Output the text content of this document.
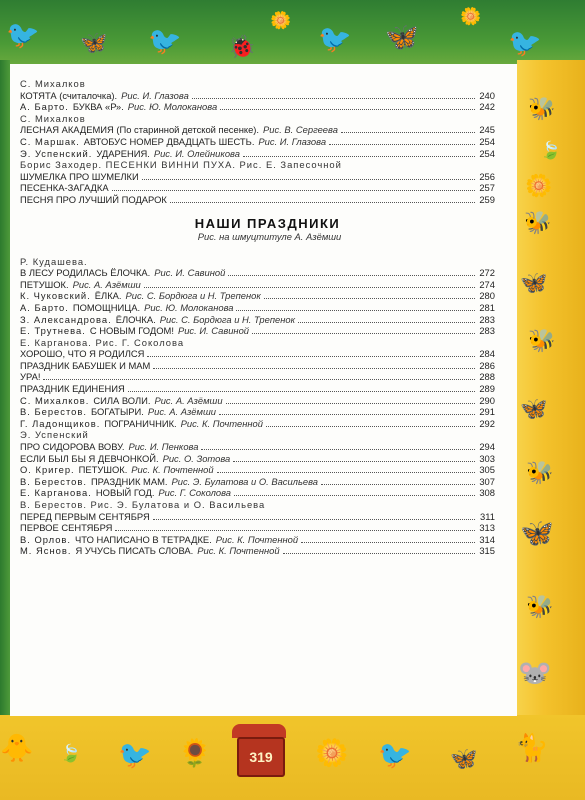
🐦 🦋 🐦 🐞 🐦 🦋
🌼	🌼
🐦
🐝
🍃
🌼
🐝
🦋
🐝
🦋
🐝
🦋
🐝
🐭
🐥 🍃 🐦 🌻	🌼 🐦 🦋 🐈
319
С. Михалков
КОТЯТА (считалочка). Рис. И. Глазова	240
А. Барто. БУКВА «Р». Рис. Ю. Молоканова	242
С. Михалков
ЛЕСНАЯ АКАДЕМИЯ (По старинной детской песенке). Рис. В. Сергеева	245
С. Маршак. АВТОБУС НОМЕР ДВАДЦАТЬ ШЕСТЬ. Рис. И. Глазова	254
Э. Успенский. УДАРЕНИЯ. Рис. И. Олейникова	254
Борис Заходер. ПЕСЕНКИ ВИННИ ПУХА. Рис. Е. Запесочной
ШУМЕЛКА ПРО ШУМЕЛКИ	256
ПЕСЕНКА-ЗАГАДКА	257
ПЕСНЯ ПРО ЛУЧШИЙ ПОДАРОК	259
НАШИ ПРАЗДНИКИ
Рис. на шмуцтитуле А. Азёмши
Р. Кудашева.
В ЛЕСУ РОДИЛАСЬ ЁЛОЧКА. Рис. И. Савиной	272
ПЕТУШОК. Рис. А. Азёмши	274
К. Чуковский. ЁЛКА. Рис. С. Бордюга и Н. Трепенок	280
А. Барто. ПОМОЩНИЦА. Рис. Ю. Молоканова	281
З. Александрова. ЁЛОЧКА. Рис. С. Бордюга и Н. Трепенок	283
Е. Трутнева. С НОВЫМ ГОДОМ! Рис. И. Савиной	283
Е. Карганова. Рис. Г. Соколова
ХОРОШО, ЧТО Я РОДИЛСЯ	284
ПРАЗДНИК БАБУШЕК И МАМ	286
УРА!	288
ПРАЗДНИК ЕДИНЕНИЯ	289
С. Михалков. СИЛА ВОЛИ. Рис. А. Азёмши	290
В. Берестов. БОГАТЫРИ. Рис. А. Азёмши	291
Г. Ладонщиков. ПОГРАНИЧНИК. Рис. К. Почтенной	292
Э. Успенский
ПРО СИДОРОВА ВОВУ. Рис. И. Пенкова	294
ЕСЛИ БЫЛ БЫ Я ДЕВЧОНКОЙ. Рис. О. Зотова	303
О. Кригер. ПЕТУШОК. Рис. К. Почтенной	305
В. Берестов. ПРАЗДНИК МАМ. Рис. Э. Булатова и О. Васильева	307
Е. Карганова. НОВЫЙ ГОД. Рис. Г. Соколова	308
В. Берестов. Рис. Э. Булатова и О. Васильева
ПЕРЕД ПЕРВЫМ СЕНТЯБРЯ	311
ПЕРВОЕ СЕНТЯБРЯ	313
В. Орлов. ЧТО НАПИСАНО В ТЕТРАДКЕ. Рис. К. Почтенной	314
М. Яснов. Я УЧУСЬ ПИСАТЬ СЛОВА. Рис. К. Почтенной	315
